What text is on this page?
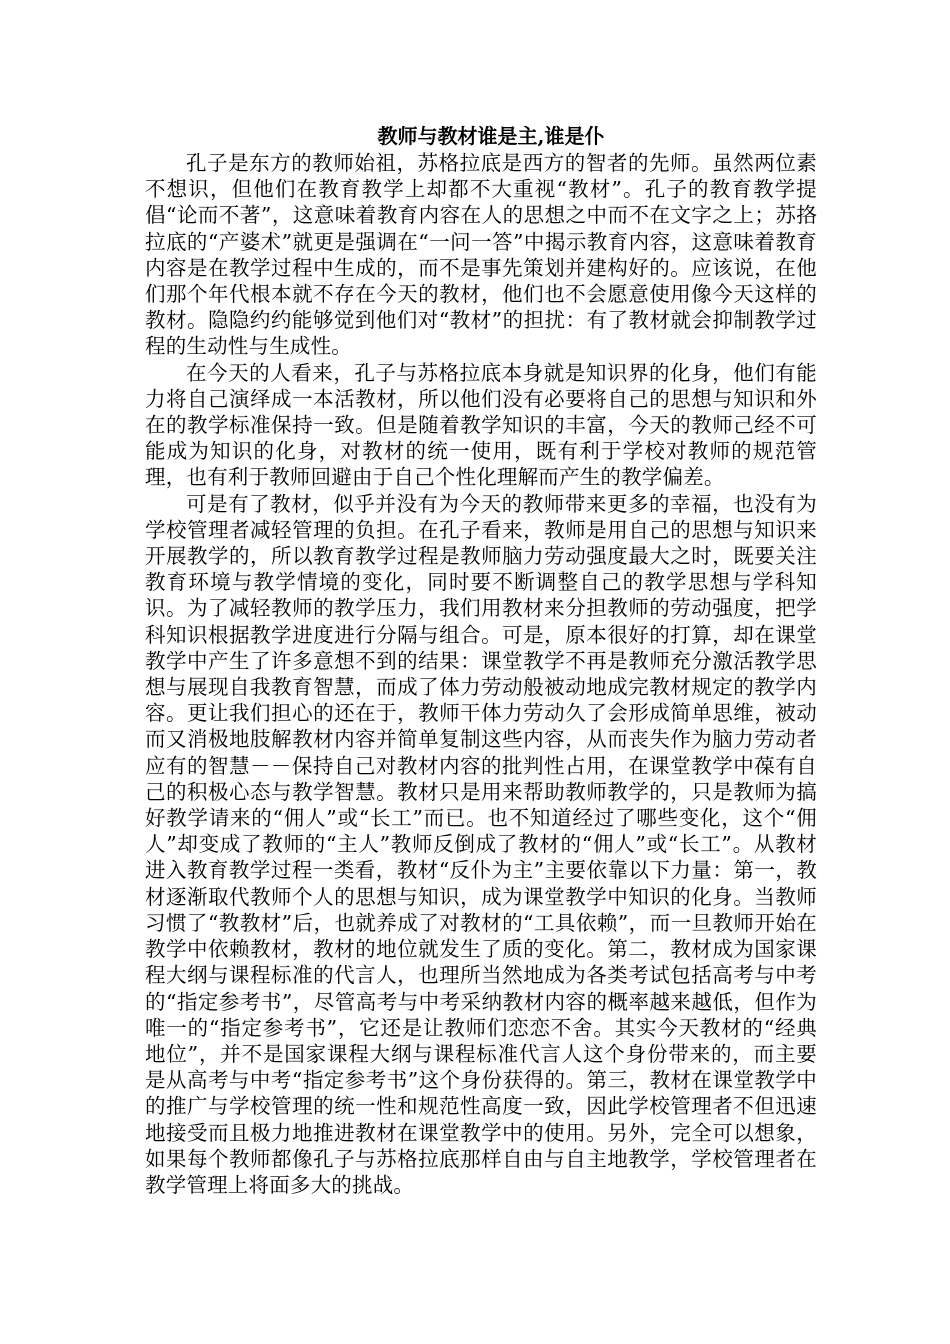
教师与教材谁是主,谁是仆

孔子是东方的教师始祖，苏格拉底是西方的智者的先师。虽然两位素不想识，但他们在教育教学上却都不大重视“教材”。孔子的教育教学提倡“论而不著”，这意味着教育内容在人的思想之中而不在文字之上；苏挌拉底的“产婆术”就更是强调在“一问一答”中揭示教育内容，这意味着教育内容是在教学过程中生成的，而不是事先策划并建构好的。应该说，在他们那个年代根本就不存在今天的教材，他们也不会愿意使用像今天这样的教材。隐隐约约能够觉到他们对“教材”的担扰：有了教材就会抑制教学过程的生动性与生成性。

在今天的人看来，孔子与苏格拉底本身就是知识界的化身，他们有能力将自己演绎成一本活教材，所以他们没有必要将自己的思想与知识和外在的教学标准保持一致。但是随着教学知识的丰富，今天的教师己经不可能成为知识的化身，对教材的统一使用，既有利于学校对教师的规范管理，也有利于教师回避由于自己个性化理解而产生的教学偏差。

可是有了教材，似乎并没有为今天的教师带来更多的幸福，也没有为学校管理者减轻管理的负担。在孔子看来，教师是用自己的思想与知识来开展教学的，所以教育教学过程是教师脑力劳动强度最大之时，既要关注教育环境与教学情境的变化，同时要不断调整自己的教学思想与学科知识。为了减轻教师的教学压力，我们用教材来分担教师的劳动强度，把学科知识根据教学进度进行分隔与组合。可是，原本很好的打算，却在课堂教学中产生了许多意想不到的结果：课堂教学不再是教师充分激活教学思想与展现自我教育智慧，而成了体力劳动般被动地成完教材规定的教学内容。更让我们担心的还在于，教师干体力劳动久了会形成简单思维，被动而又消极地肢解教材内容并简单复制这些内容，从而丧失作为脑力劳动者应有的智慧－－保持自己对教材内容的批判性占用，在课堂教学中葆有自己的积极心态与教学智慧。教材只是用来帮助教师教学的，只是教师为搞好教学请来的“佣人”或“长工”而已。也不知道经过了哪些变化，这个“佣人”却变成了教师的“主人”教师反倒成了教材的“佣人”或“长工”。从教材进入教育教学过程一类看，教材“反仆为主”主要依靠以下力量：第一，教材逐渐取代教师个人的思想与知识，成为课堂教学中知识的化身。当教师习惯了“教教材”后，也就养成了对教材的“工具依赖”，而一旦教师开始在教学中依赖教材，教材的地位就发生了质的变化。第二，教材成为国家课程大纲与课程标准的代言人，也理所当然地成为各类考试包括高考与中考的“指定参考书”，尽管高考与中考采纳教材内容的概率越来越低，但作为唯一的“指定参考书”，它还是让教师们恋恋不舍。其实今天教材的“经典地位”，并不是国家课程大纲与课程标准代言人这个身份带来的，而主要是从高考与中考“指定参考书”这个身份获得的。第三，教材在课堂教学中的推广与学校管理的统一性和规范性高度一致，因此学校管理者不但迅速地接受而且极力地推进教材在课堂教学中的使用。另外，完全可以想象，如果每个教师都像孔子与苏格拉底那样自由与自主地教学，学校管理者在教学管理上将面多大的挑战。
